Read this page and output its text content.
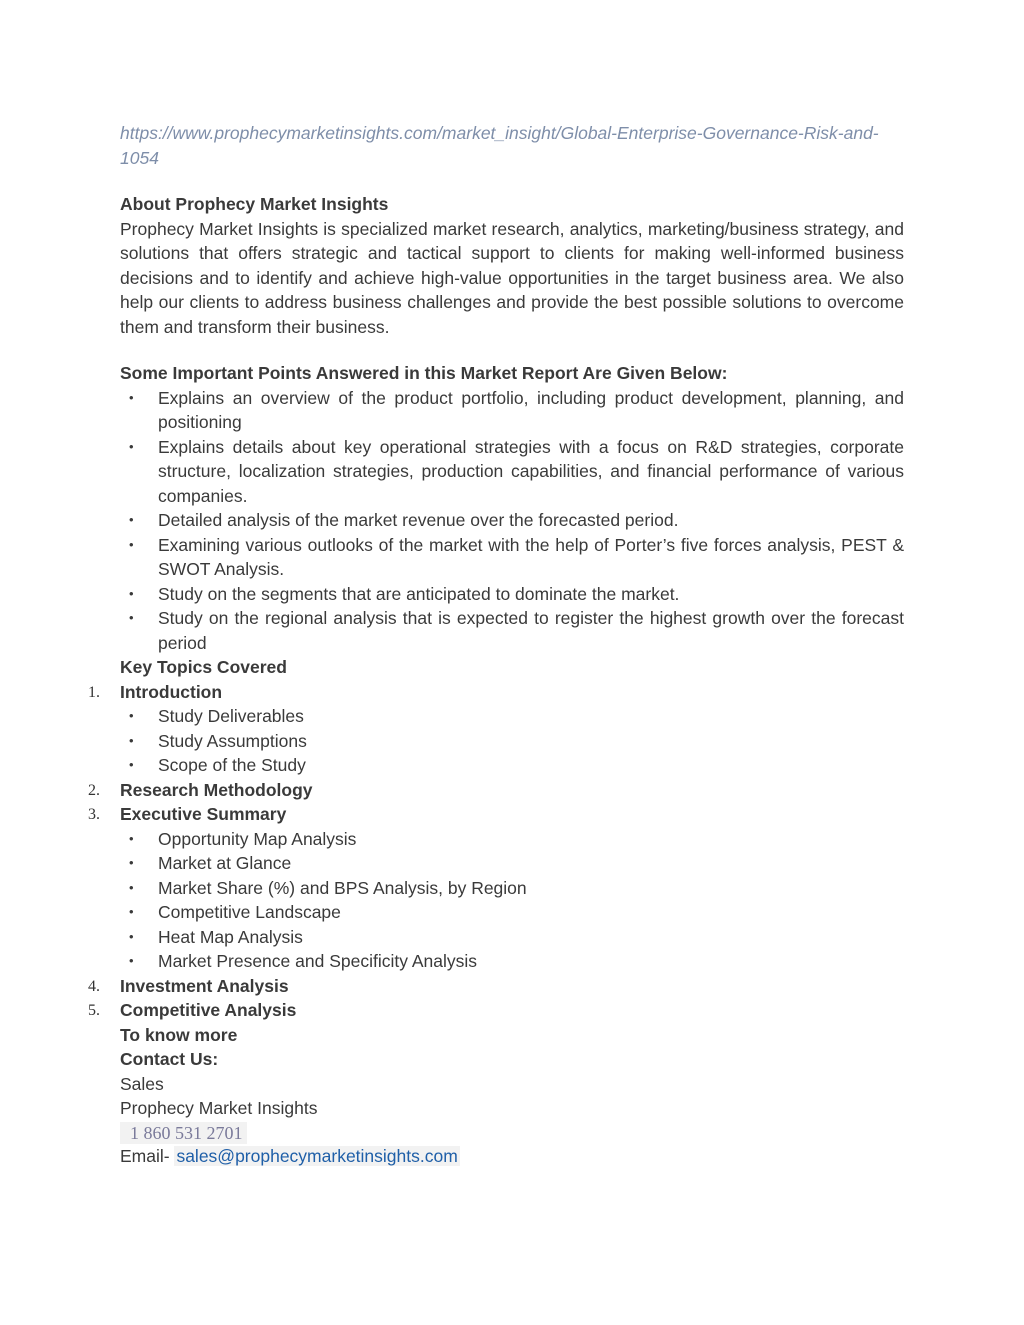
https://www.prophecymarketinsights.com/market_insight/Global-Enterprise-Governance-Risk-and-1054

About Prophecy Market Insights

Prophecy Market Insights is specialized market research, analytics, marketing/business strategy, and solutions that offers strategic and tactical support to clients for making well-informed business decisions and to identify and achieve high-value opportunities in the target business area. We also help our clients to address business challenges and provide the best possible solutions to overcome them and transform their business.

Some Important Points Answered in this Market Report Are Given Below:

• Explains an overview of the product portfolio, including product development, planning, and positioning
• Explains details about key operational strategies with a focus on R&D strategies, corporate structure, localization strategies, production capabilities, and financial performance of various companies.
• Detailed analysis of the market revenue over the forecasted period.
• Examining various outlooks of the market with the help of Porter’s five forces analysis, PEST & SWOT Analysis.
• Study on the segments that are anticipated to dominate the market.
• Study on the regional analysis that is expected to register the highest growth over the forecast period

Key Topics Covered

1. Introduction
• Study Deliverables
• Study Assumptions
• Scope of the Study
2. Research Methodology
3. Executive Summary
• Opportunity Map Analysis
• Market at Glance
• Market Share (%) and BPS Analysis, by Region
• Competitive Landscape
• Heat Map Analysis
• Market Presence and Specificity Analysis
4. Investment Analysis
5. Competitive Analysis

To know more

Contact Us:

Sales

Prophecy Market Insights

1 860 531 2701

Email- sales@prophecymarketinsights.com
